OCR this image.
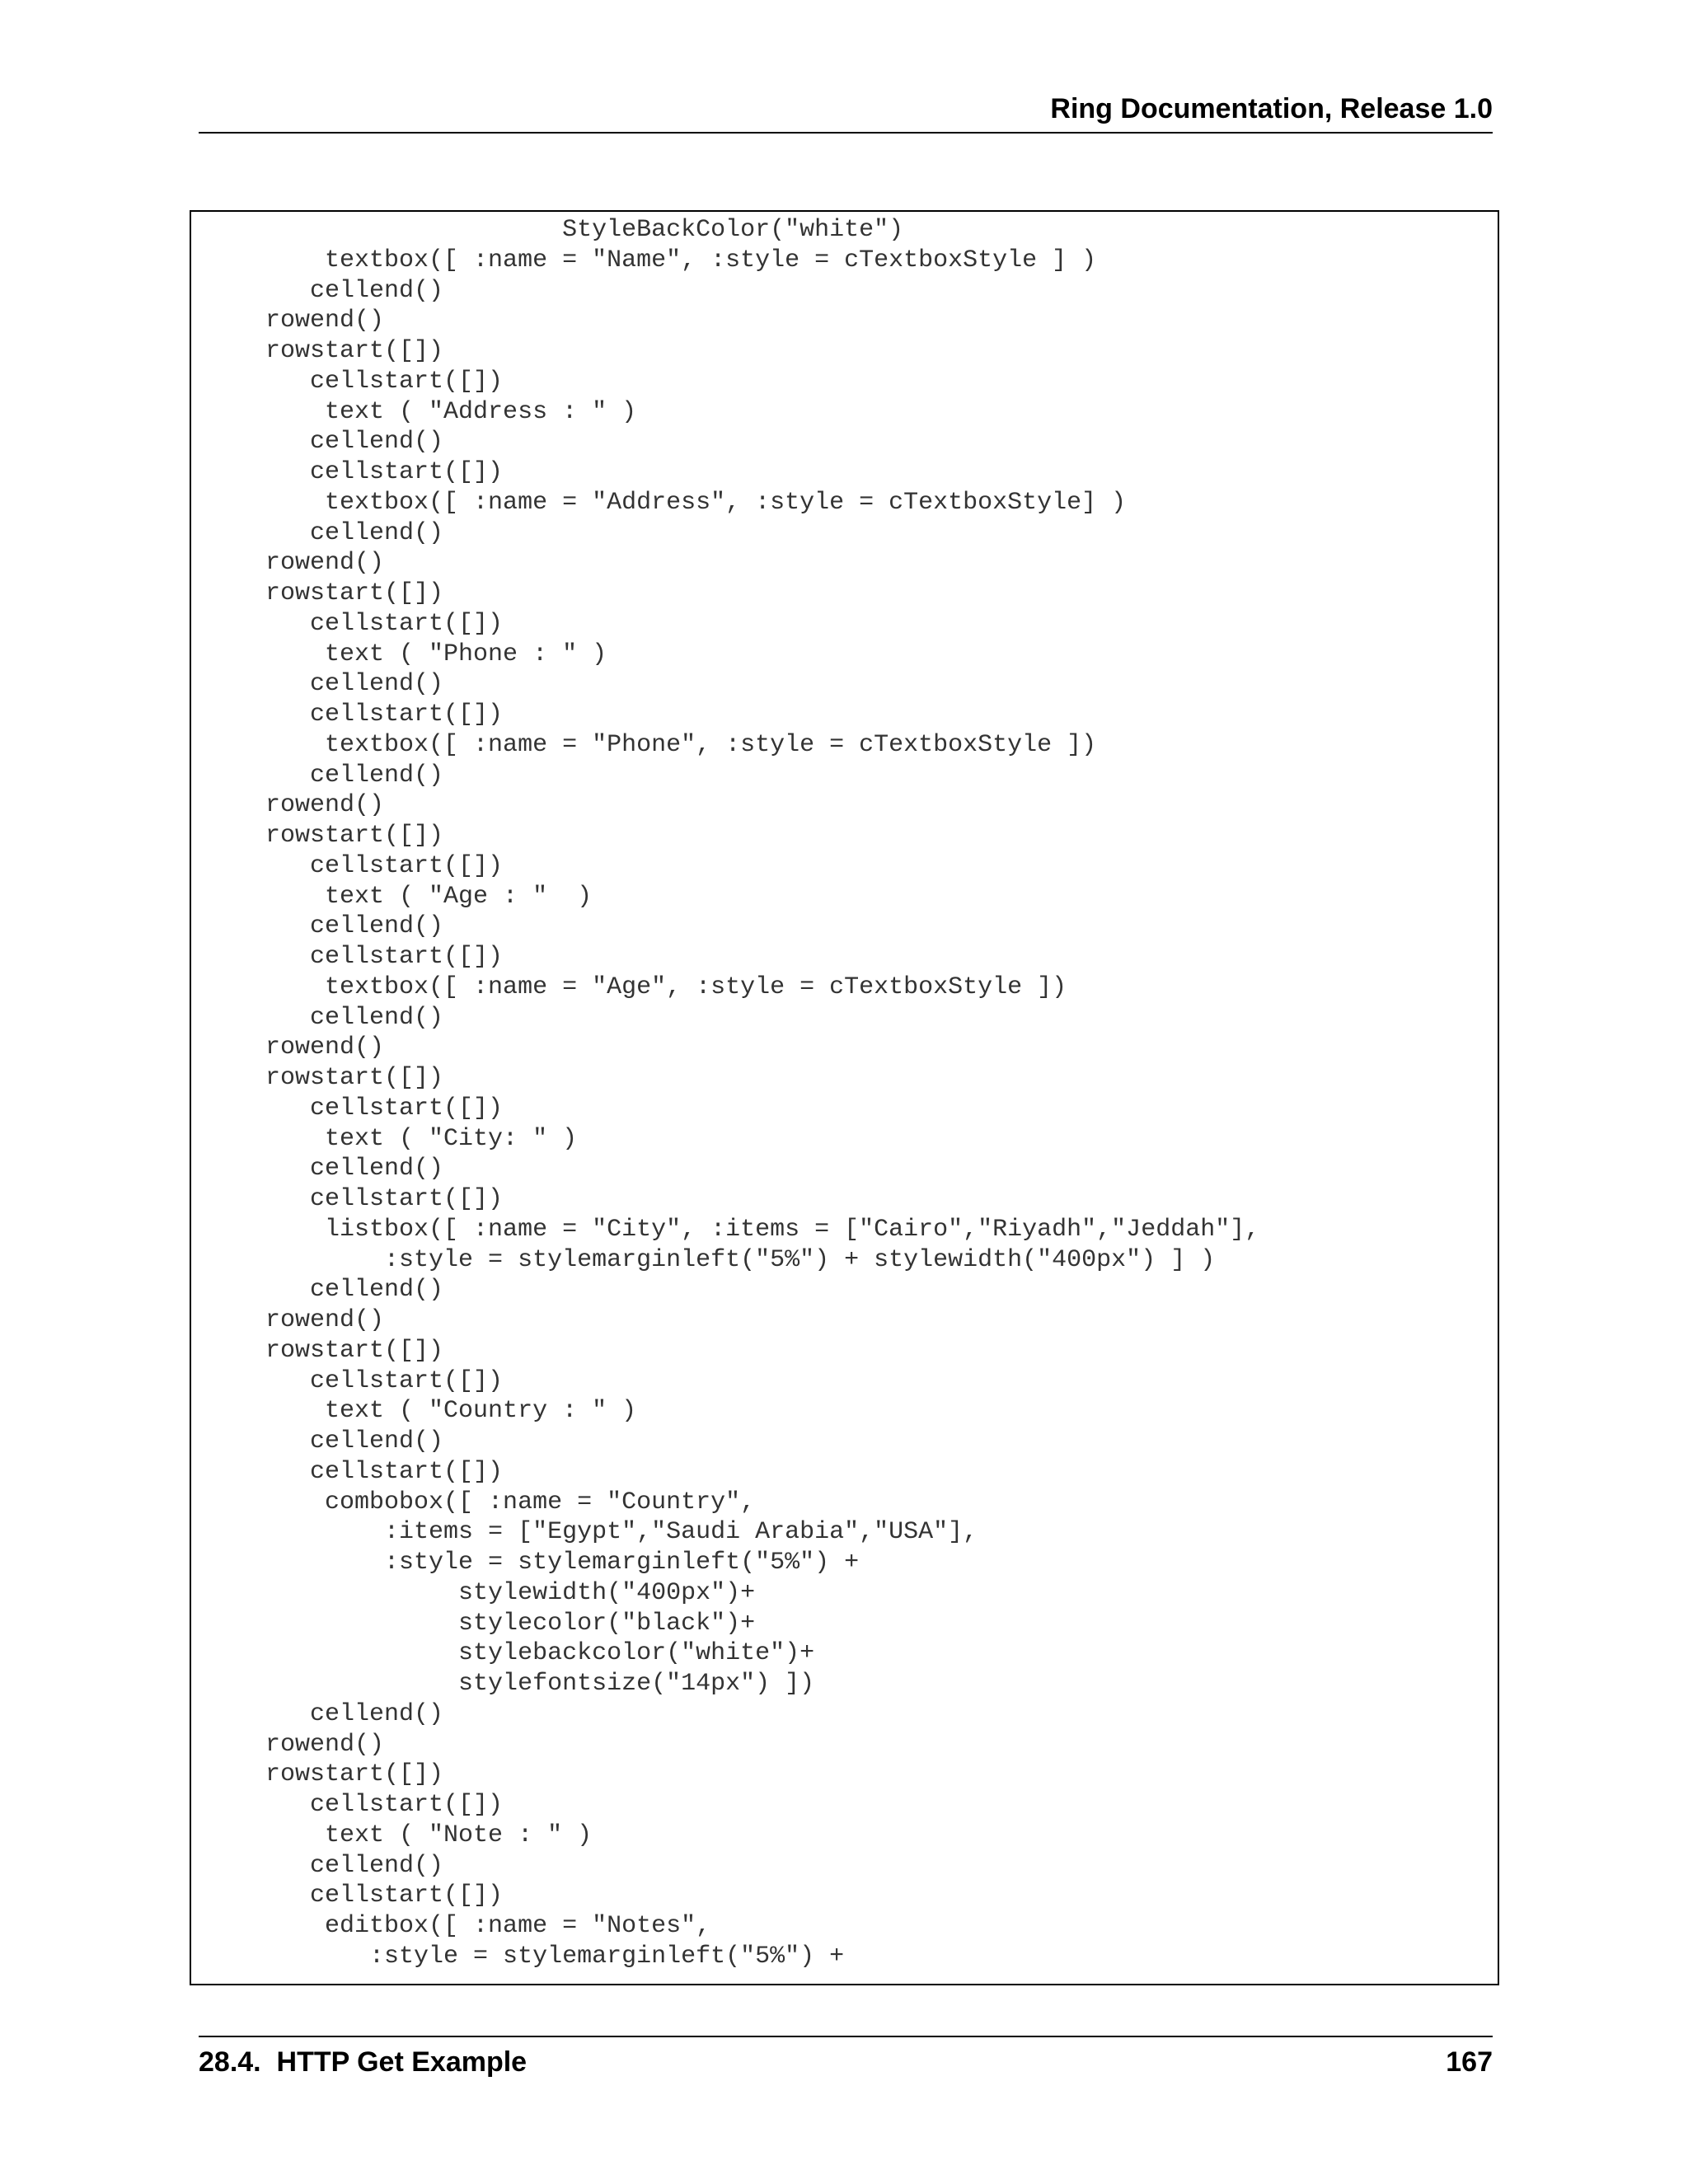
Ring Documentation, Release 1.0
StyleBackColor("white")
textbox([ :name = "Name", :style = cTextboxStyle ] )
cellend()
rowend()
rowstart([])
cellstart([])
text ( "Address : " )
cellend()
cellstart([])
textbox([ :name = "Address", :style = cTextboxStyle] )
cellend()
rowend()
rowstart([])
cellstart([])
text ( "Phone : " )
cellend()
cellstart([])
textbox([ :name = "Phone", :style = cTextboxStyle ])
cellend()
rowend()
rowstart([])
cellstart([])
text ( "Age : "  )
cellend()
cellstart([])
textbox([ :name = "Age", :style = cTextboxStyle ])
cellend()
rowend()
rowstart([])
cellstart([])
text ( "City: " )
cellend()
cellstart([])
listbox([ :name = "City", :items = ["Cairo","Riyadh","Jeddah"],
:style = stylemarginleft("5%") + stylewidth("400px") ] )
cellend()
rowend()
rowstart([])
cellstart([])
text ( "Country : " )
cellend()
cellstart([])
combobox([ :name = "Country",
:items = ["Egypt","Saudi Arabia","USA"],
:style = stylemarginleft("5%") +
stylewidth("400px")+
stylecolor("black")+
stylebackcolor("white")+
stylefontsize("14px") ])
cellend()
rowend()
rowstart([])
cellstart([])
text ( "Note : " )
cellend()
cellstart([])
editbox([ :name = "Notes",
:style = stylemarginleft("5%") +
28.4.  HTTP Get Example	167
